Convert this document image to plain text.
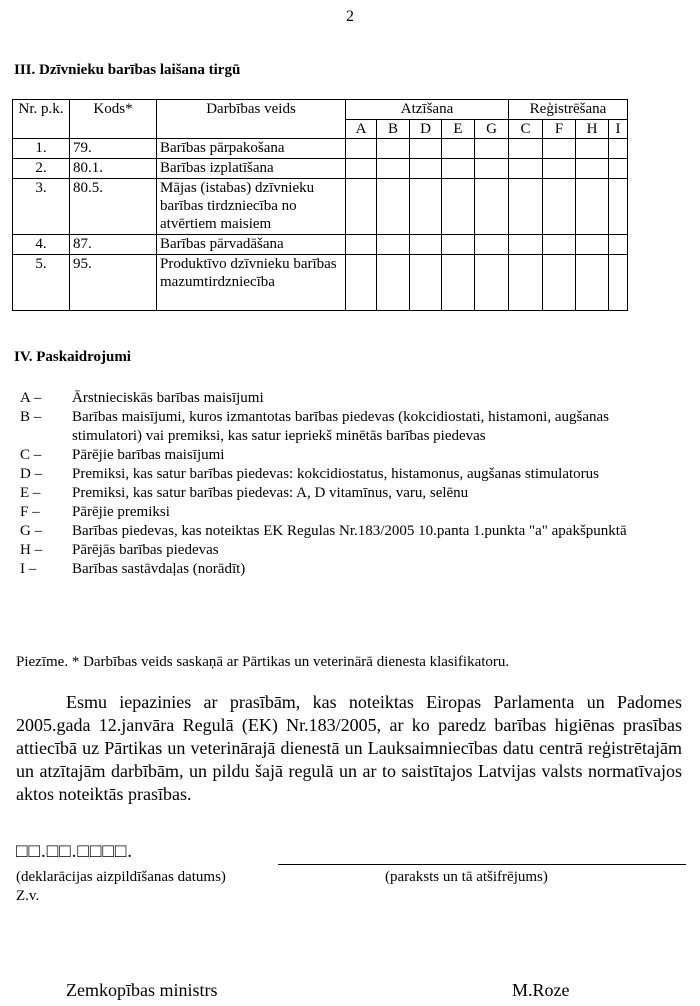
2
III. Dzīvnieku barības laišana tirgū
Nr. p.k.	Kods*	Darbības veids	Atzīšana					Reģistrēšana			
			A	B	D	E	G	C	F	H	I
1.	79.	Barības pārpakošana									
2.	80.1.	Barības izplatīšana									
3.	80.5.	Mājas (istabas) dzīvnieku barības tirdzniecība no atvērtiem maisiem									
4.	87.	Barības pārvadāšana									
5.	95.	Produktīvo dzīvnieku barības mazumtirdzniecība									
IV. Paskaidrojumi
A –	Ārstnieciskās barības maisījumi
B –	Barības maisījumi, kuros izmantotas barības piedevas (kokcidiostati, histamoni, augšanas stimulatori) vai premiksi, kas satur iepriekš minētās barības piedevas
C –	Pārējie barības maisījumi
D –	Premiksi, kas satur barības piedevas: kokcidiostatus, histamonus, augšanas stimulatorus
E –	Premiksi, kas satur barības piedevas: A, D vitamīnus, varu, selēnu
F –	Pārējie premiksi
G –	Barības piedevas, kas noteiktas EK Regulas Nr.183/2005 10.panta 1.punkta "a" apakšpunktā
H –	Pārējās barības piedevas
I –	Barības sastāvdaļas (norādīt)
Piezīme. * Darbības veids saskaņā ar Pārtikas un veterinārā dienesta klasifikatoru.
Esmu iepazinies ar prasībām, kas noteiktas Eiropas Parlamenta un Padomes 2005.gada 12.janvāra Regulā (EK) Nr.183/2005, ar ko paredz barības higiēnas prasības attiecībā uz Pārtikas un veterinārajā dienestā un Lauksaimniecības datu centrā reģistrētajām un atzītajām darbībām, un pildu šajā regulā un ar to saistītajos Latvijas valsts normatīvajos aktos noteiktās prasības.
□□.□□.□□□□.
(deklarācijas aizpildīšanas datums)	(paraksts un tā atšifrējums)
Z.v.
Zemkopības ministrs	M.Roze
